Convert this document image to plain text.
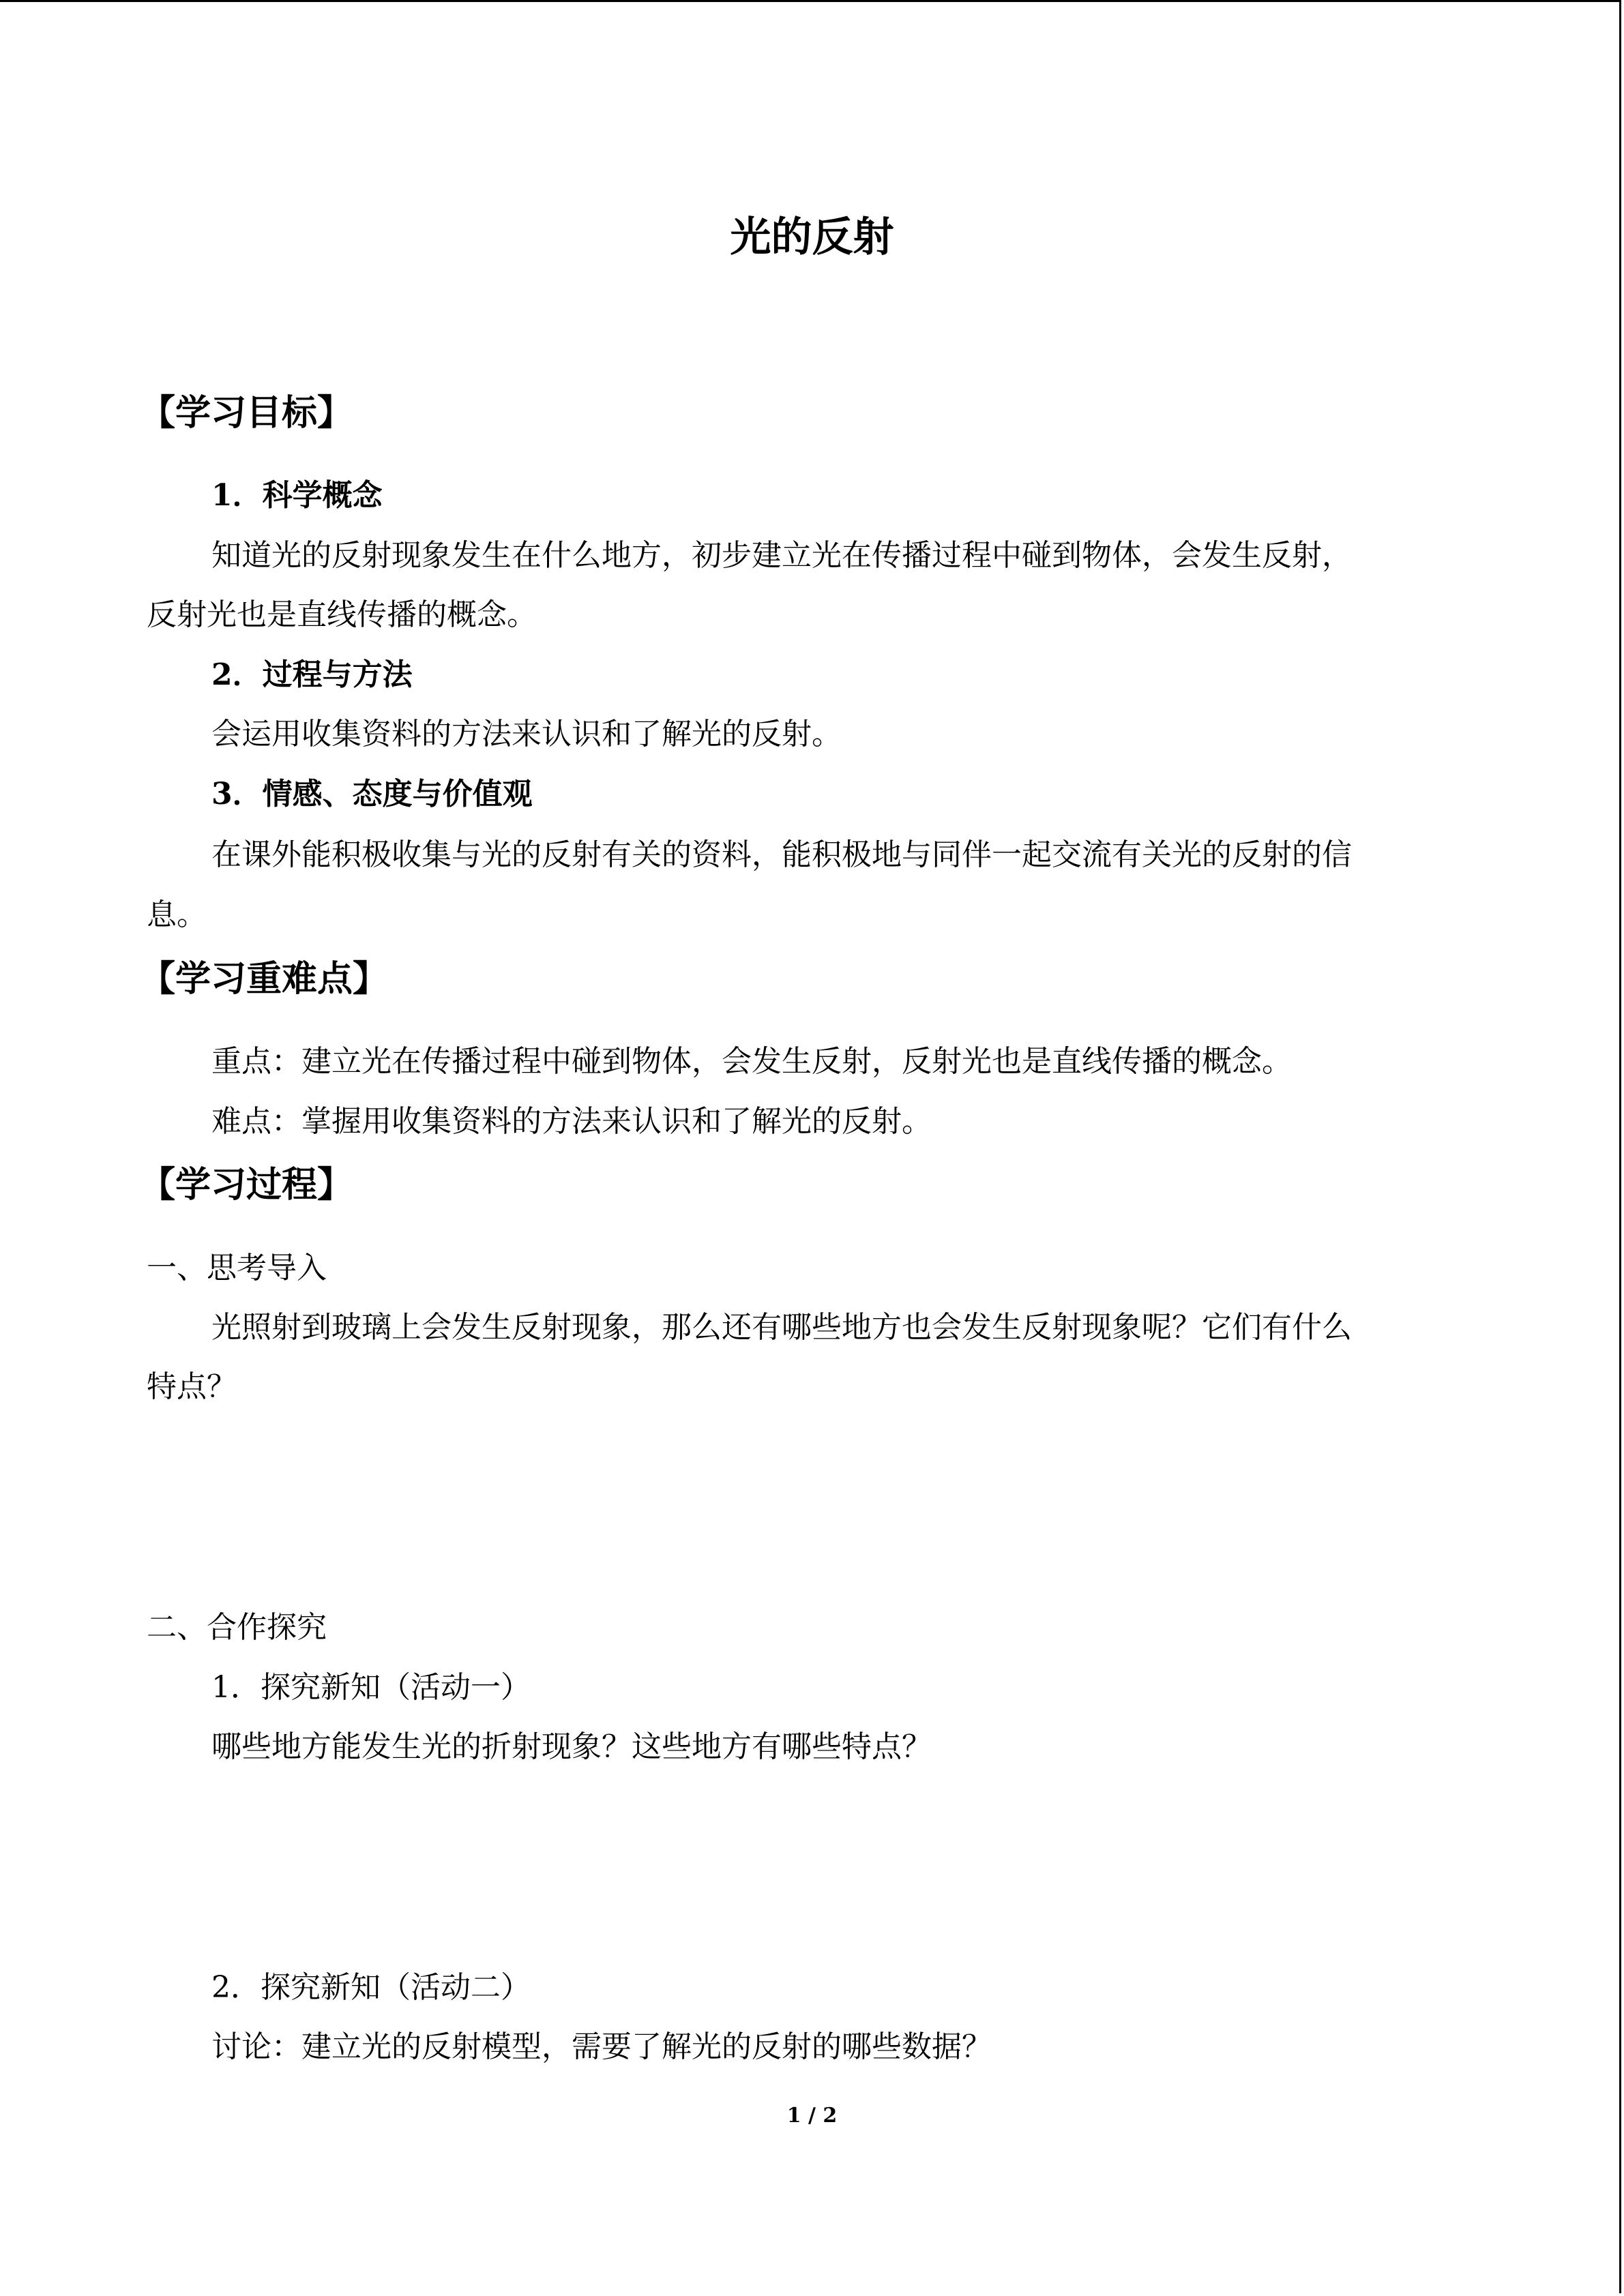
光的反射
【学习目标】
1．科学概念
知道光的反射现象发生在什么地方，初步建立光在传播过程中碰到物体，会发生反射，
反射光也是直线传播的概念。
2．过程与方法
会运用收集资料的方法来认识和了解光的反射。
3．情感、态度与价值观
在课外能积极收集与光的反射有关的资料，能积极地与同伴一起交流有关光的反射的信
息。
【学习重难点】
重点：建立光在传播过程中碰到物体，会发生反射，反射光也是直线传播的概念。
难点：掌握用收集资料的方法来认识和了解光的反射。
【学习过程】
一、思考导入
光照射到玻璃上会发生反射现象，那么还有哪些地方也会发生反射现象呢？它们有什么
特点？
二、合作探究
1．探究新知（活动一）
哪些地方能发生光的折射现象？这些地方有哪些特点？
2．探究新知（活动二）
讨论：建立光的反射模型，需要了解光的反射的哪些数据？
1 / 2
